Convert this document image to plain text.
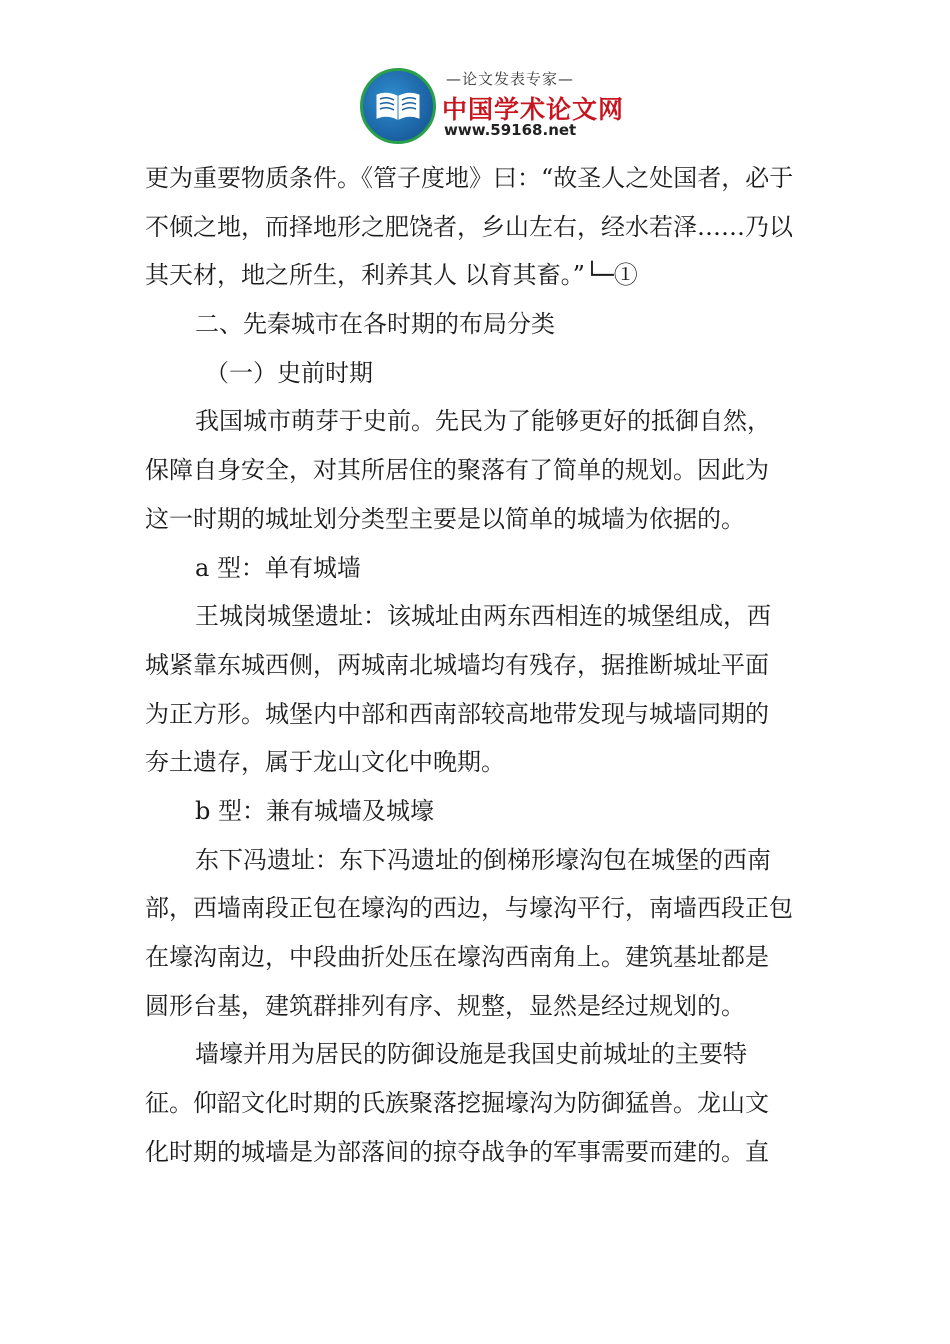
—论文发表专家—
中国学术论文网
www.59168.net
更为重要物质条件。《管子度地》曰：“故圣人之处国者，必于
不倾之地，而择地形之肥饶者，乡山左右，经水若泽……乃以
其天材，地之所生，利养其人 以育其畜。”└─①
二、先秦城市在各时期的布局分类
（一）史前时期
我国城市萌芽于史前。先民为了能够更好的抵御自然，
保障自身安全，对其所居住的聚落有了简单的规划。因此为
这一时期的城址划分类型主要是以简单的城墙为依据的。
a 型：单有城墙
王城岗城堡遗址：该城址由两东西相连的城堡组成，西
城紧靠东城西侧，两城南北城墙均有残存，据推断城址平面
为正方形。城堡内中部和西南部较高地带发现与城墙同期的
夯土遗存，属于龙山文化中晚期。
b 型：兼有城墙及城壕
东下冯遗址：东下冯遗址的倒梯形壕沟包在城堡的西南
部，西墙南段正包在壕沟的西边，与壕沟平行，南墙西段正包
在壕沟南边，中段曲折处压在壕沟西南角上。建筑基址都是
圆形台基，建筑群排列有序、规整，显然是经过规划的。
墙壕并用为居民的防御设施是我国史前城址的主要特
征。仰韶文化时期的氏族聚落挖掘壕沟为防御猛兽。龙山文
化时期的城墙是为部落间的掠夺战争的军事需要而建的。直
